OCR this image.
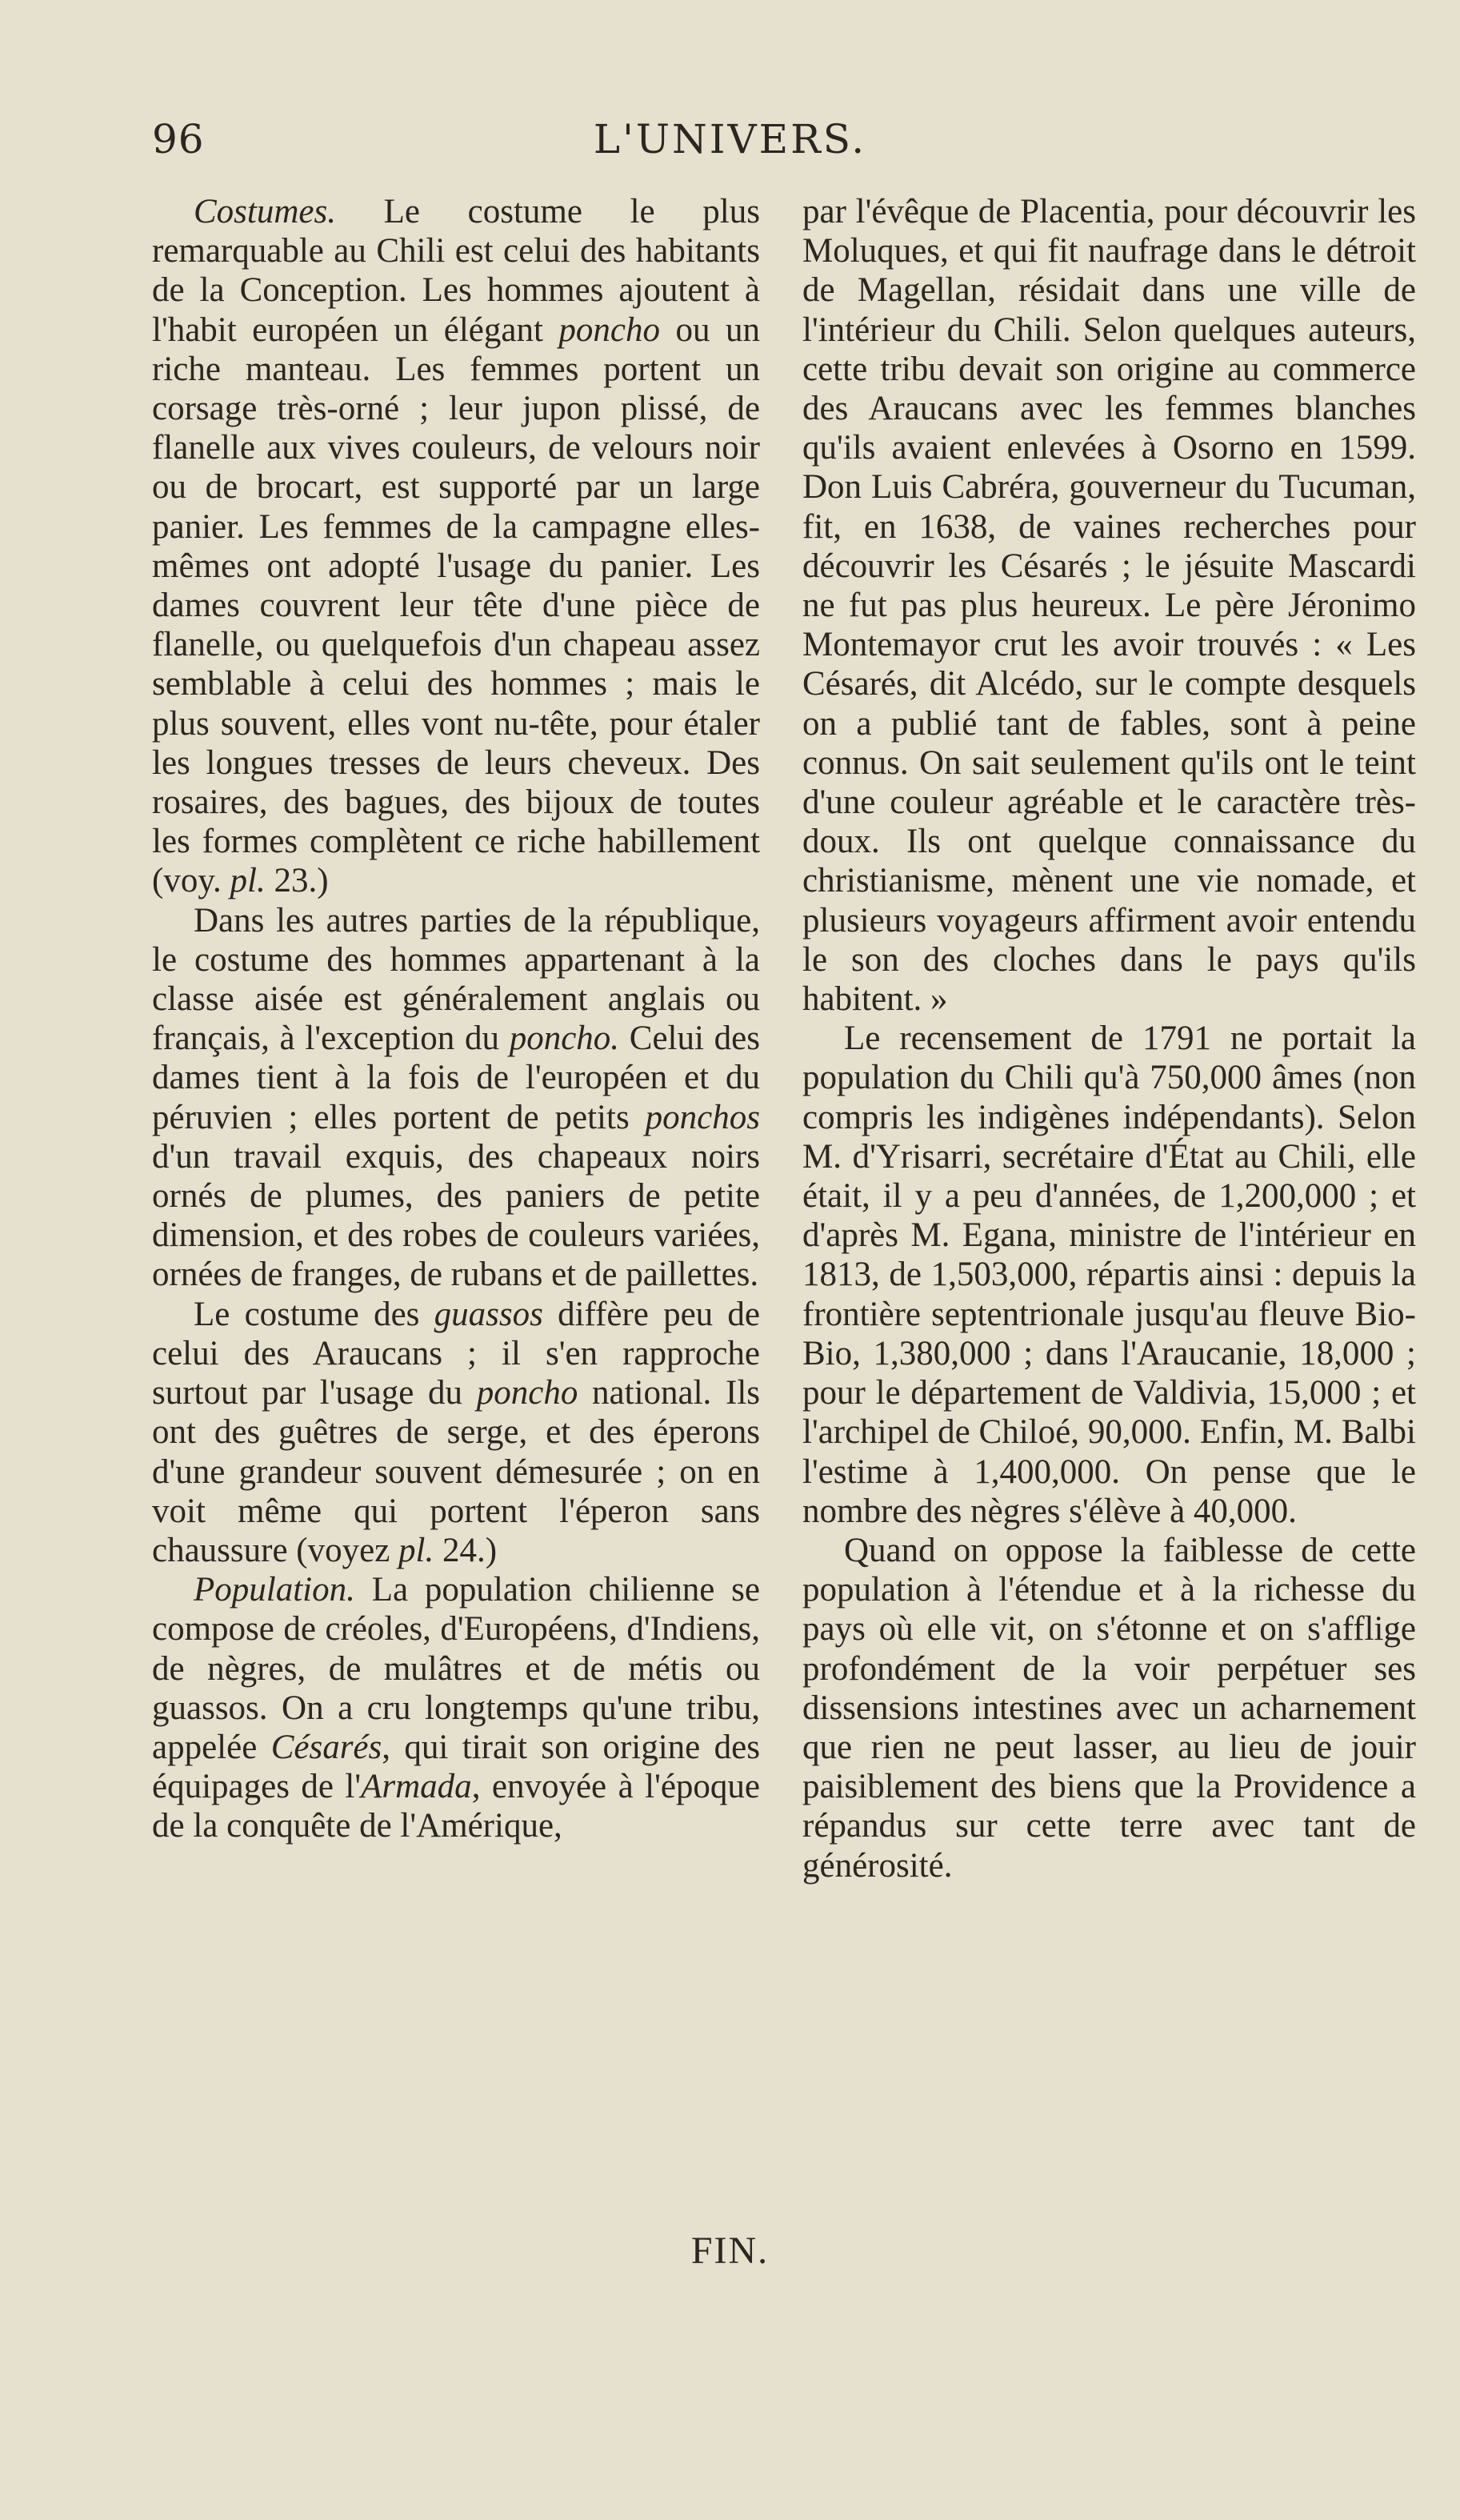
96	L'UNIVERS.

Costumes. Le costume le plus remarquable au Chili est celui des habitants de la Conception. Les hommes ajoutent à l'habit européen un élégant poncho ou un riche manteau. Les femmes portent un corsage très-orné ; leur jupon plissé, de flanelle aux vives couleurs, de velours noir ou de brocart, est supporté par un large panier. Les femmes de la campagne elles-mêmes ont adopté l'usage du panier. Les dames couvrent leur tête d'une pièce de flanelle, ou quelquefois d'un chapeau assez semblable à celui des hommes ; mais le plus souvent, elles vont nu-tête, pour étaler les longues tresses de leurs cheveux. Des rosaires, des bagues, des bijoux de toutes les formes complètent ce riche habillement (voy. pl. 23.)

Dans les autres parties de la république, le costume des hommes appartenant à la classe aisée est généralement anglais ou français, à l'exception du poncho. Celui des dames tient à la fois de l'européen et du péruvien ; elles portent de petits ponchos d'un travail exquis, des chapeaux noirs ornés de plumes, des paniers de petite dimension, et des robes de couleurs variées, ornées de franges, de rubans et de paillettes.

Le costume des guassos diffère peu de celui des Araucans ; il s'en rapproche surtout par l'usage du poncho national. Ils ont des guêtres de serge, et des éperons d'une grandeur souvent démesurée ; on en voit même qui portent l'éperon sans chaussure (voyez pl. 24.)

Population. La population chilienne se compose de créoles, d'Européens, d'Indiens, de nègres, de mulâtres et de métis ou guassos. On a cru longtemps qu'une tribu, appelée Césarés, qui tirait son origine des équipages de l'Armada, envoyée à l'époque de la conquête de l'Amérique,

par l'évêque de Placentia, pour découvrir les Moluques, et qui fit naufrage dans le détroit de Magellan, résidait dans une ville de l'intérieur du Chili. Selon quelques auteurs, cette tribu devait son origine au commerce des Araucans avec les femmes blanches qu'ils avaient enlevées à Osorno en 1599. Don Luis Cabréra, gouverneur du Tucuman, fit, en 1638, de vaines recherches pour découvrir les Césarés ; le jésuite Mascardi ne fut pas plus heureux. Le père Jéronimo Montemayor crut les avoir trouvés : « Les Césarés, dit Alcédo, sur le compte desquels on a publié tant de fables, sont à peine connus. On sait seulement qu'ils ont le teint d'une couleur agréable et le caractère très-doux. Ils ont quelque connaissance du christianisme, mènent une vie nomade, et plusieurs voyageurs affirment avoir entendu le son des cloches dans le pays qu'ils habitent. »

Le recensement de 1791 ne portait la population du Chili qu'à 750,000 âmes (non compris les indigènes indépendants). Selon M. d'Yrisarri, secrétaire d'État au Chili, elle était, il y a peu d'années, de 1,200,000 ; et d'après M. Egana, ministre de l'intérieur en 1813, de 1,503,000, répartis ainsi : depuis la frontière septentrionale jusqu'au fleuve Bio-Bio, 1,380,000 ; dans l'Araucanie, 18,000 ; pour le département de Valdivia, 15,000 ; et l'archipel de Chiloé, 90,000. Enfin, M. Balbi l'estime à 1,400,000. On pense que le nombre des nègres s'élève à 40,000.

Quand on oppose la faiblesse de cette population à l'étendue et à la richesse du pays où elle vit, on s'étonne et on s'afflige profondément de la voir perpétuer ses dissensions intestines avec un acharnement que rien ne peut lasser, au lieu de jouir paisiblement des biens que la Providence a répandus sur cette terre avec tant de générosité.

FIN.
